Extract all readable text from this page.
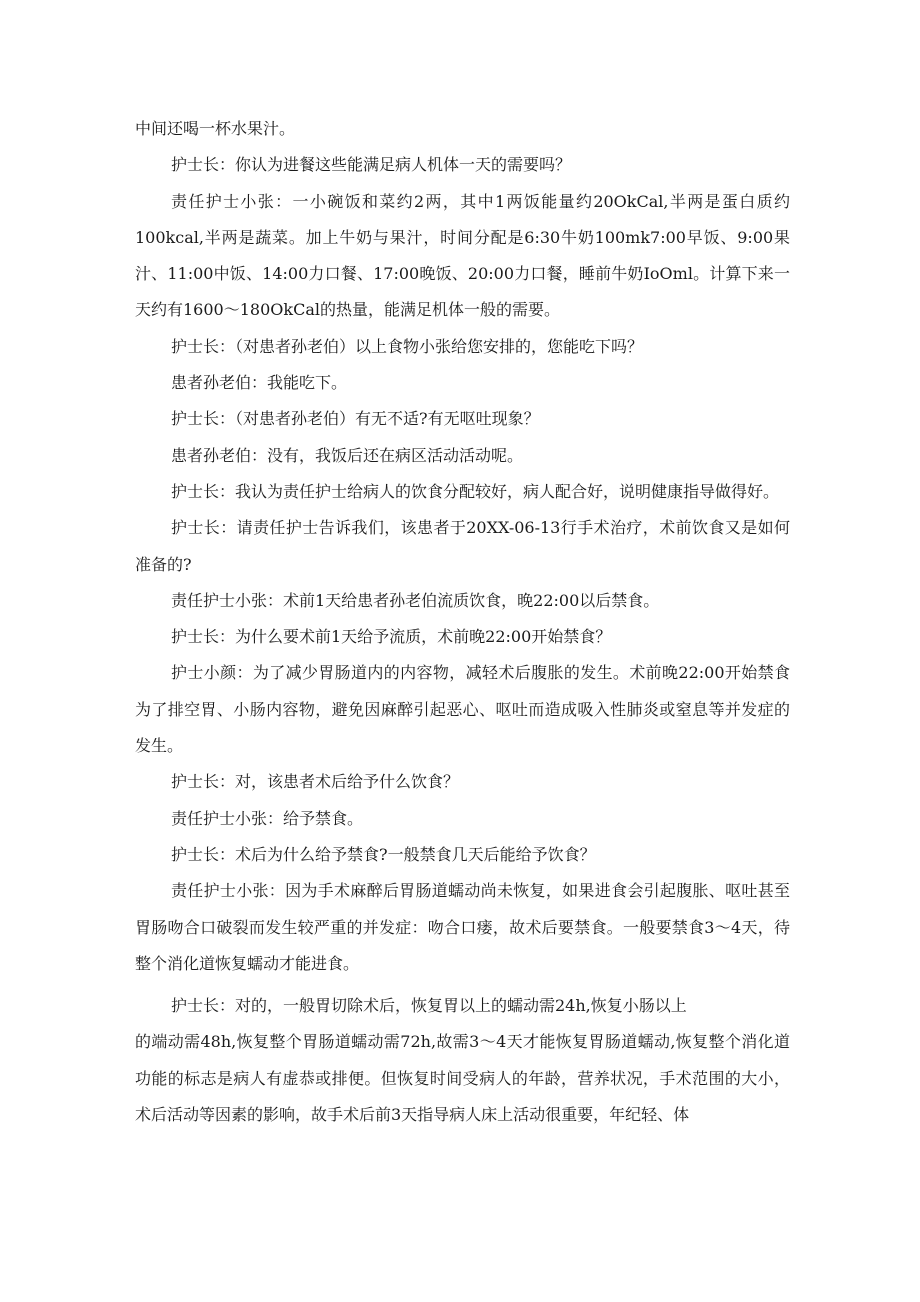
中间还喝一杯水果汁。

护士长：你认为进餐这些能满足病人机体一天的需要吗？

责任护士小张：一小碗饭和菜约2两，其中1两饭能量约20OkCal,半两是蛋白质约100kcal,半两是蔬菜。加上牛奶与果汁，时间分配是6:30牛奶100mk7:00早饭、9:00果汁、11:00中饭、14:00力口餐、17:00晚饭、20:00力口餐，睡前牛奶IoOml。计算下来一天约有1600～180OkCal的热量，能满足机体一般的需要。

护士长：（对患者孙老伯）以上食物小张给您安排的，您能吃下吗？

患者孙老伯：我能吃下。

护士长：（对患者孙老伯）有无不适?有无呕吐现象？

患者孙老伯：没有，我饭后还在病区活动活动呢。

护士长：我认为责任护士给病人的饮食分配较好，病人配合好，说明健康指导做得好。

护士长：请责任护士告诉我们，该患者于20XX-06-13行手术治疗，术前饮食又是如何准备的?

责任护士小张：术前1天给患者孙老伯流质饮食，晚22:00以后禁食。

护士长：为什么要术前1天给予流质，术前晚22:00开始禁食？

护士小颜：为了减少胃肠道内的内容物，减轻术后腹胀的发生。术前晚22:00开始禁食为了排空胃、小肠内容物，避免因麻醉引起恶心、呕吐而造成吸入性肺炎或窒息等并发症的发生。

护士长：对，该患者术后给予什么饮食？

责任护士小张：给予禁食。

护士长：术后为什么给予禁食?一般禁食几天后能给予饮食？

责任护士小张：因为手术麻醉后胃肠道蠕动尚未恢复，如果进食会引起腹胀、呕吐甚至胃肠吻合口破裂而发生较严重的并发症：吻合口瘘，故术后要禁食。一般要禁食3～4天，待整个消化道恢复蠕动才能进食。

护士长：对的，一般胃切除术后，恢复胃以上的蠕动需24h,恢复小肠以上

的端动需48h,恢复整个胃肠道蠕动需72h,故需3～4天才能恢复胃肠道蠕动,恢复整个消化道功能的标志是病人有虚恭或排便。但恢复时间受病人的年龄，营养状况，手术范围的大小，术后活动等因素的影响，故手术后前3天指导病人床上活动很重要，年纪轻、体
